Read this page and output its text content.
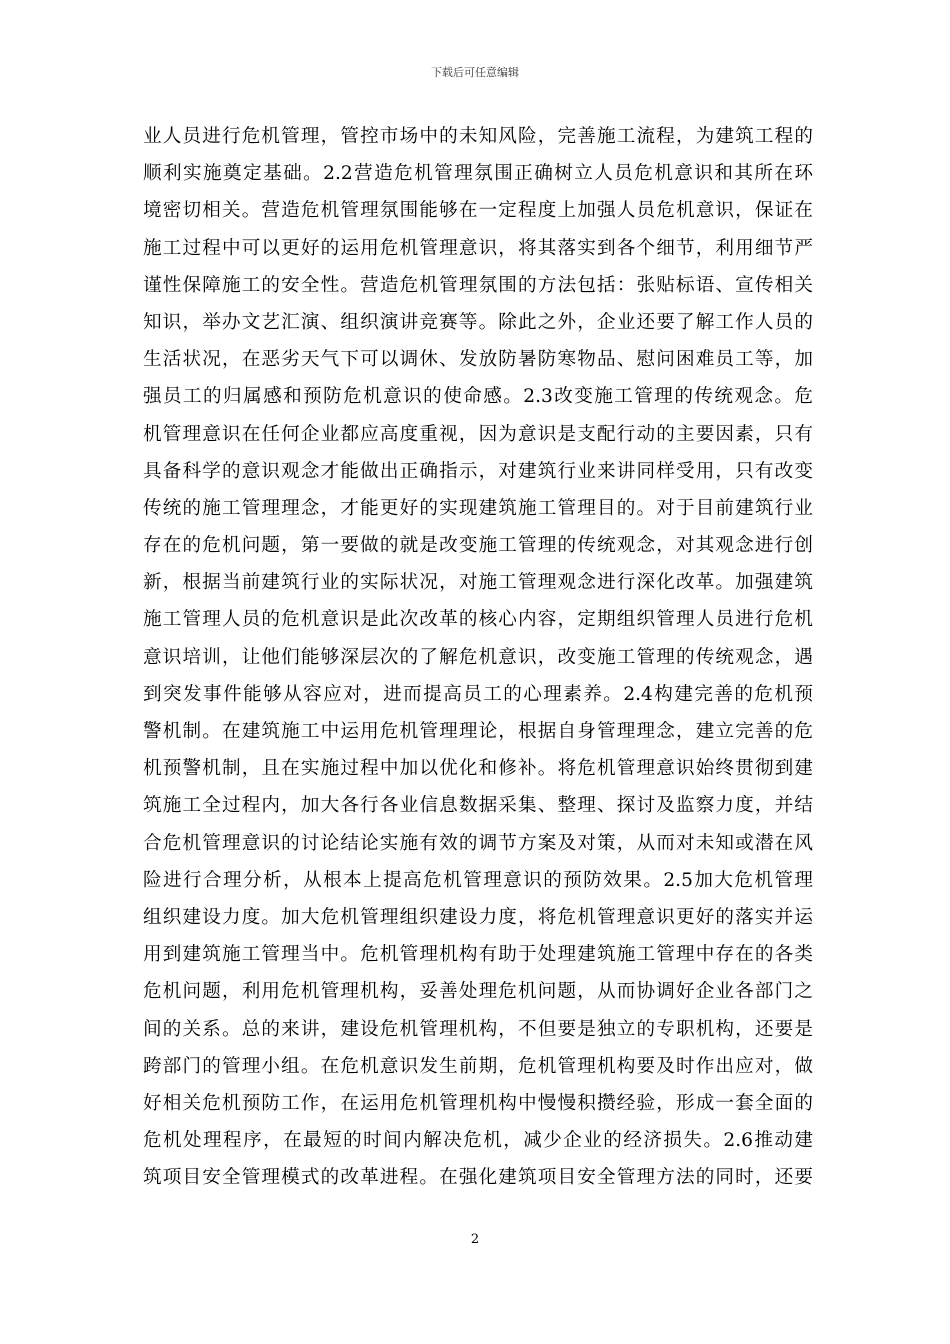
下载后可任意编辑
业人员进行危机管理，管控市场中的未知风险，完善施工流程，为建筑工程的
顺利实施奠定基础。2.2营造危机管理氛围正确树立人员危机意识和其所在环
境密切相关。营造危机管理氛围能够在一定程度上加强人员危机意识，保证在
施工过程中可以更好的运用危机管理意识，将其落实到各个细节，利用细节严
谨性保障施工的安全性。营造危机管理氛围的方法包括：张贴标语、宣传相关
知识，举办文艺汇演、组织演讲竞赛等。除此之外，企业还要了解工作人员的
生活状况，在恶劣天气下可以调休、发放防暑防寒物品、慰问困难员工等，加
强员工的归属感和预防危机意识的使命感。2.3改变施工管理的传统观念。危
机管理意识在任何企业都应高度重视，因为意识是支配行动的主要因素，只有
具备科学的意识观念才能做出正确指示，对建筑行业来讲同样受用，只有改变
传统的施工管理理念，才能更好的实现建筑施工管理目的。对于目前建筑行业
存在的危机问题，第一要做的就是改变施工管理的传统观念，对其观念进行创
新，根据当前建筑行业的实际状况，对施工管理观念进行深化改革。加强建筑
施工管理人员的危机意识是此次改革的核心内容，定期组织管理人员进行危机
意识培训，让他们能够深层次的了解危机意识，改变施工管理的传统观念，遇
到突发事件能够从容应对，进而提高员工的心理素养。2.4构建完善的危机预
警机制。在建筑施工中运用危机管理理论，根据自身管理理念，建立完善的危
机预警机制，且在实施过程中加以优化和修补。将危机管理意识始终贯彻到建
筑施工全过程内，加大各行各业信息数据采集、整理、探讨及监察力度，并结
合危机管理意识的讨论结论实施有效的调节方案及对策，从而对未知或潜在风
险进行合理分析，从根本上提高危机管理意识的预防效果。2.5加大危机管理
组织建设力度。加大危机管理组织建设力度，将危机管理意识更好的落实并运
用到建筑施工管理当中。危机管理机构有助于处理建筑施工管理中存在的各类
危机问题，利用危机管理机构，妥善处理危机问题，从而协调好企业各部门之
间的关系。总的来讲，建设危机管理机构，不但要是独立的专职机构，还要是
跨部门的管理小组。在危机意识发生前期，危机管理机构要及时作出应对，做
好相关危机预防工作，在运用危机管理机构中慢慢积攒经验，形成一套全面的
危机处理程序，在最短的时间内解决危机，减少企业的经济损失。2.6推动建
筑项目安全管理模式的改革进程。在强化建筑项目安全管理方法的同时，还要
2
